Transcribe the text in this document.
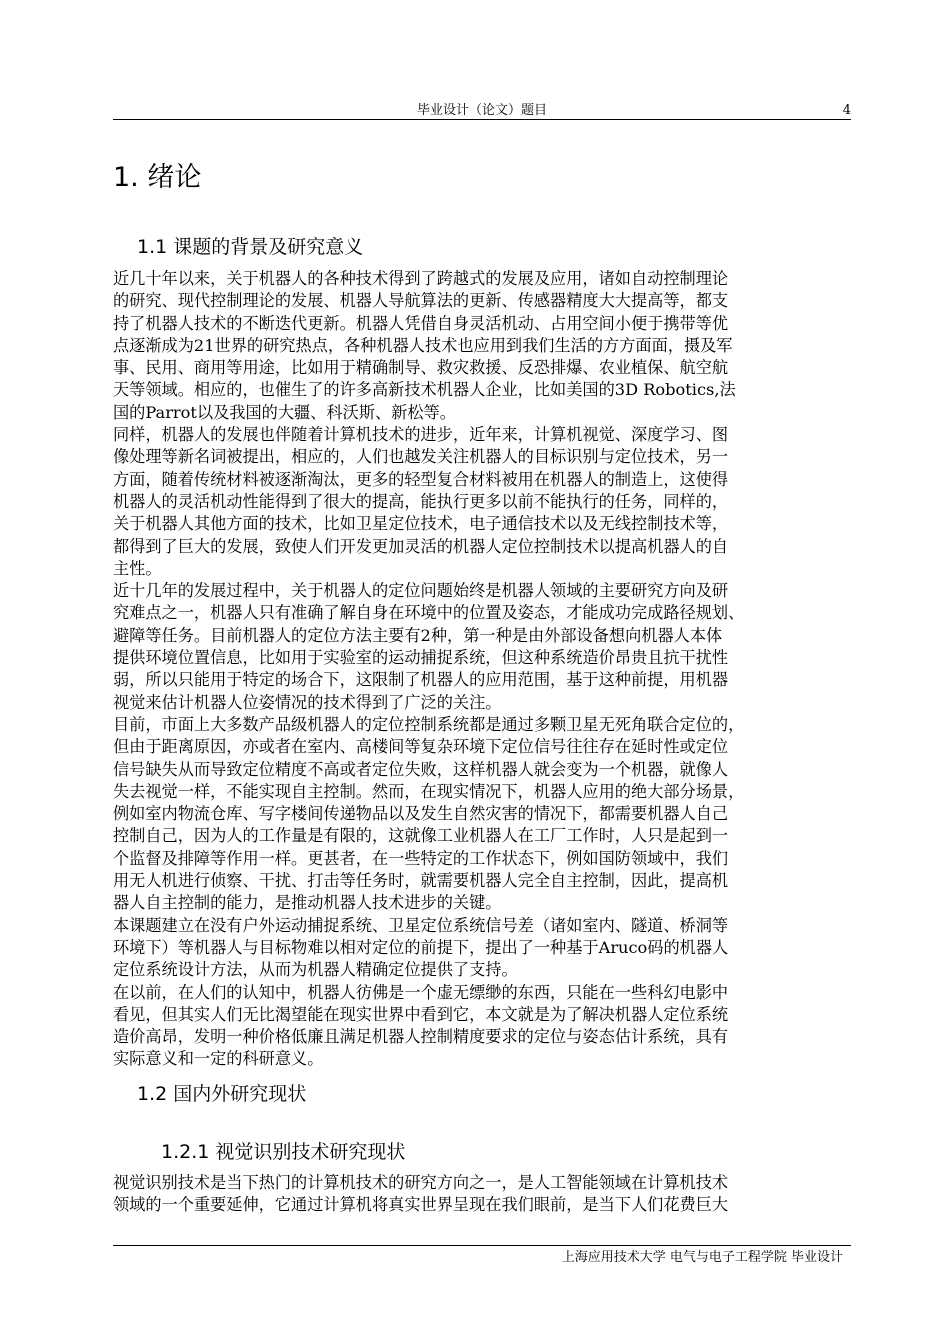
毕业设计（论文）题目	4
1. 绪论
1.1 课题的背景及研究意义
近几十年以来，关于机器人的各种技术得到了跨越式的发展及应用，诸如自动控制理论
的研究、现代控制理论的发展、机器人导航算法的更新、传感器精度大大提高等，都支
持了机器人技术的不断迭代更新。机器人凭借自身灵活机动、占用空间小便于携带等优
点逐渐成为21世界的研究热点，各种机器人技术也应用到我们生活的方方面面，摄及军
事、民用、商用等用途，比如用于精确制导、救灾救援、反恐排爆、农业植保、航空航
天等领域。相应的，也催生了的许多高新技术机器人企业，比如美国的3D Robotics,法
国的Parrot以及我国的大疆、科沃斯、新松等。
同样，机器人的发展也伴随着计算机技术的进步，近年来，计算机视觉、深度学习、图
像处理等新名词被提出，相应的，人们也越发关注机器人的目标识别与定位技术，另一
方面，随着传统材料被逐渐淘汰，更多的轻型复合材料被用在机器人的制造上，这使得
机器人的灵活机动性能得到了很大的提高，能执行更多以前不能执行的任务，同样的，
关于机器人其他方面的技术，比如卫星定位技术，电子通信技术以及无线控制技术等，
都得到了巨大的发展，致使人们开发更加灵活的机器人定位控制技术以提高机器人的自
主性。
近十几年的发展过程中，关于机器人的定位问题始终是机器人领域的主要研究方向及研
究难点之一，机器人只有准确了解自身在环境中的位置及姿态，才能成功完成路径规划、
避障等任务。目前机器人的定位方法主要有2种，第一种是由外部设备想向机器人本体
提供环境位置信息，比如用于实验室的运动捕捉系统，但这种系统造价昂贵且抗干扰性
弱，所以只能用于特定的场合下，这限制了机器人的应用范围，基于这种前提，用机器
视觉来估计机器人位姿情况的技术得到了广泛的关注。
目前，市面上大多数产品级机器人的定位控制系统都是通过多颗卫星无死角联合定位的，
但由于距离原因，亦或者在室内、高楼间等复杂环境下定位信号往往存在延时性或定位
信号缺失从而导致定位精度不高或者定位失败，这样机器人就会变为一个机器，就像人
失去视觉一样，不能实现自主控制。然而，在现实情况下，机器人应用的绝大部分场景，
例如室内物流仓库、写字楼间传递物品以及发生自然灾害的情况下，都需要机器人自己
控制自己，因为人的工作量是有限的，这就像工业机器人在工厂工作时，人只是起到一
个监督及排障等作用一样。更甚者，在一些特定的工作状态下，例如国防领域中，我们
用无人机进行侦察、干扰、打击等任务时，就需要机器人完全自主控制，因此，提高机
器人自主控制的能力，是推动机器人技术进步的关键。
本课题建立在没有户外运动捕捉系统、卫星定位系统信号差（诸如室内、隧道、桥洞等
环境下）等机器人与目标物难以相对定位的前提下，提出了一种基于Aruco码的机器人
定位系统设计方法，从而为机器人精确定位提供了支持。
在以前，在人们的认知中，机器人彷佛是一个虚无缥缈的东西，只能在一些科幻电影中
看见，但其实人们无比渴望能在现实世界中看到它，本文就是为了解决机器人定位系统
造价高昂，发明一种价格低廉且满足机器人控制精度要求的定位与姿态估计系统，具有
实际意义和一定的科研意义。
1.2 国内外研究现状
1.2.1 视觉识别技术研究现状
视觉识别技术是当下热门的计算机技术的研究方向之一，是人工智能领域在计算机技术
领域的一个重要延伸，它通过计算机将真实世界呈现在我们眼前，是当下人们花费巨大
上海应用技术大学 电气与电子工程学院 毕业设计
